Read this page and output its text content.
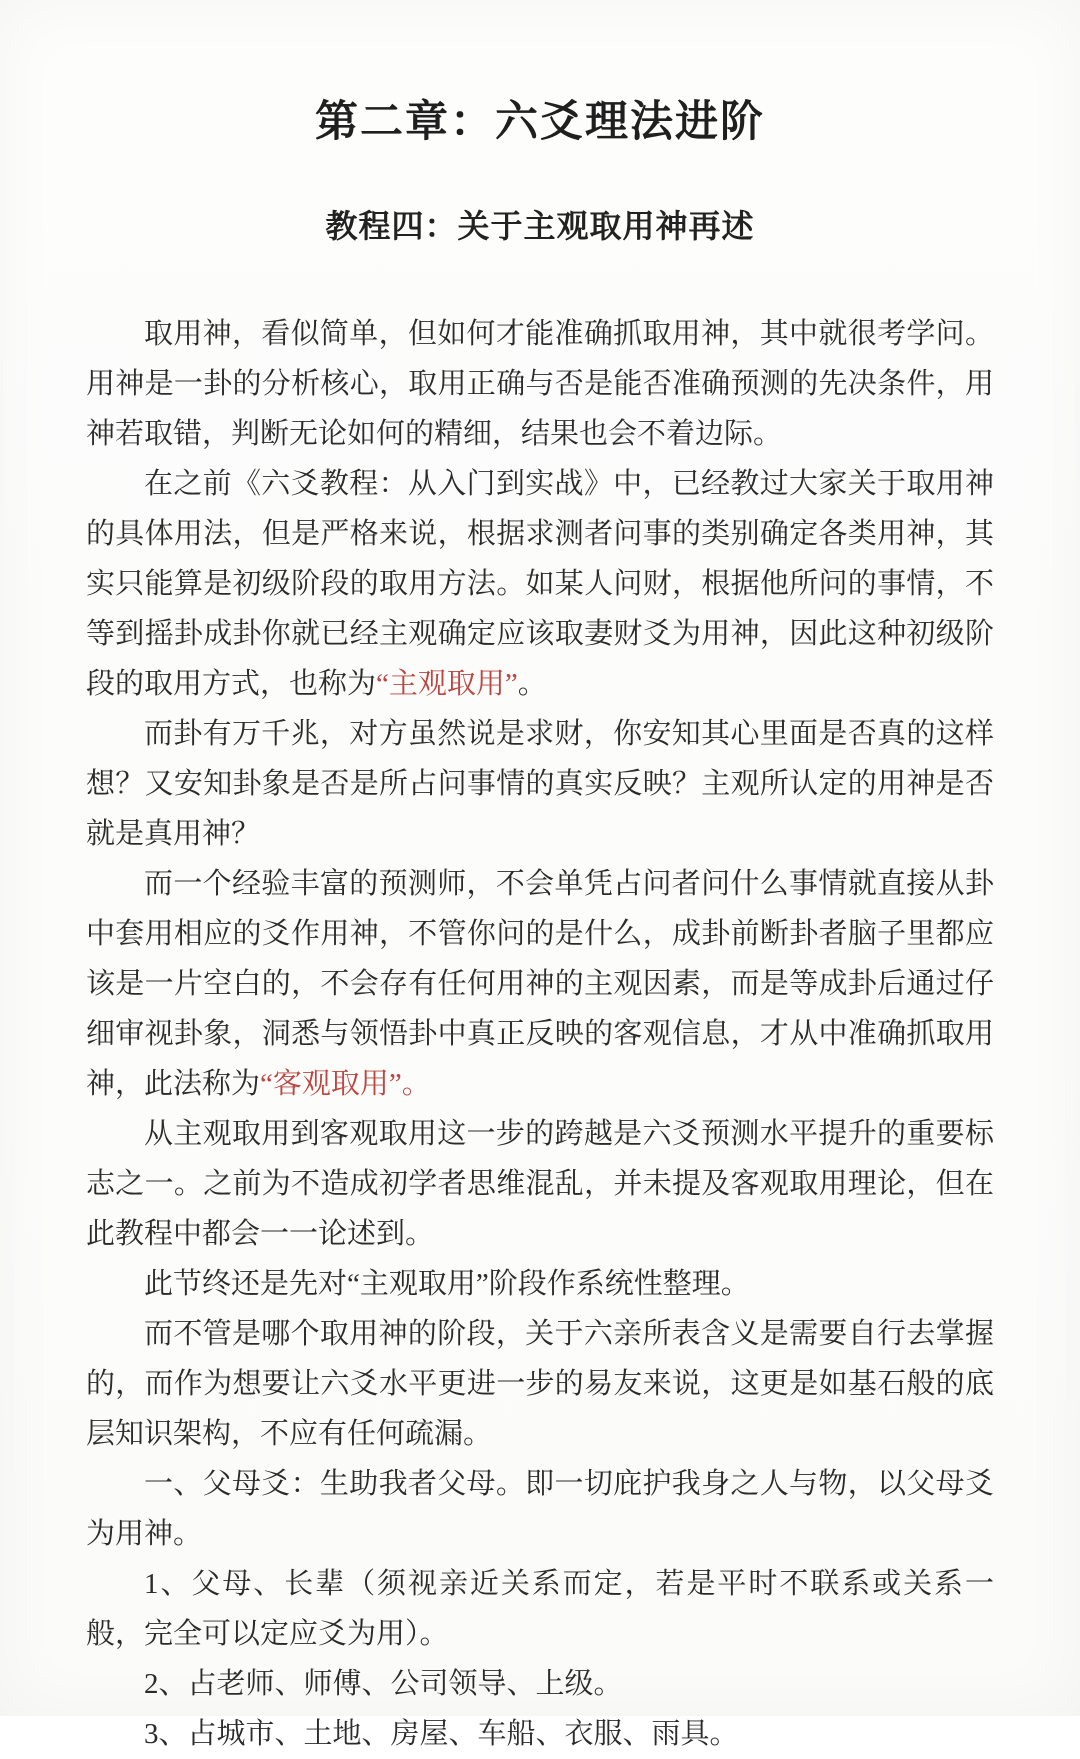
第二章：六爻理法进阶
教程四：关于主观取用神再述

取用神，看似简单，但如何才能准确抓取用神，其中就很考学问。用神是一卦的分析核心，取用正确与否是能否准确预测的先决条件，用神若取错，判断无论如何的精细，结果也会不着边际。

在之前《六爻教程：从入门到实战》中，已经教过大家关于取用神的具体用法，但是严格来说，根据求测者问事的类别确定各类用神，其实只能算是初级阶段的取用方法。如某人问财，根据他所问的事情，不等到摇卦成卦你就已经主观确定应该取妻财爻为用神，因此这种初级阶段的取用方式，也称为“主观取用”。

而卦有万千兆，对方虽然说是求财，你安知其心里面是否真的这样想？又安知卦象是否是所占问事情的真实反映？主观所认定的用神是否就是真用神？

而一个经验丰富的预测师，不会单凭占问者问什么事情就直接从卦中套用相应的爻作用神，不管你问的是什么，成卦前断卦者脑子里都应该是一片空白的，不会存有任何用神的主观因素，而是等成卦后通过仔细审视卦象，洞悉与领悟卦中真正反映的客观信息，才从中准确抓取用神，此法称为“客观取用”。

从主观取用到客观取用这一步的跨越是六爻预测水平提升的重要标志之一。之前为不造成初学者思维混乱，并未提及客观取用理论，但在此教程中都会一一论述到。

此节终还是先对“主观取用”阶段作系统性整理。

而不管是哪个取用神的阶段，关于六亲所表含义是需要自行去掌握的，而作为想要让六爻水平更进一步的易友来说，这更是如基石般的底层知识架构，不应有任何疏漏。

一、父母爻：生助我者父母。即一切庇护我身之人与物，以父母爻为用神。

1、父母、长辈（须视亲近关系而定，若是平时不联系或关系一般，完全可以定应爻为用）。

2、占老师、师傅、公司领导、上级。

3、占城市、土地、房屋、车船、衣服、雨具。
